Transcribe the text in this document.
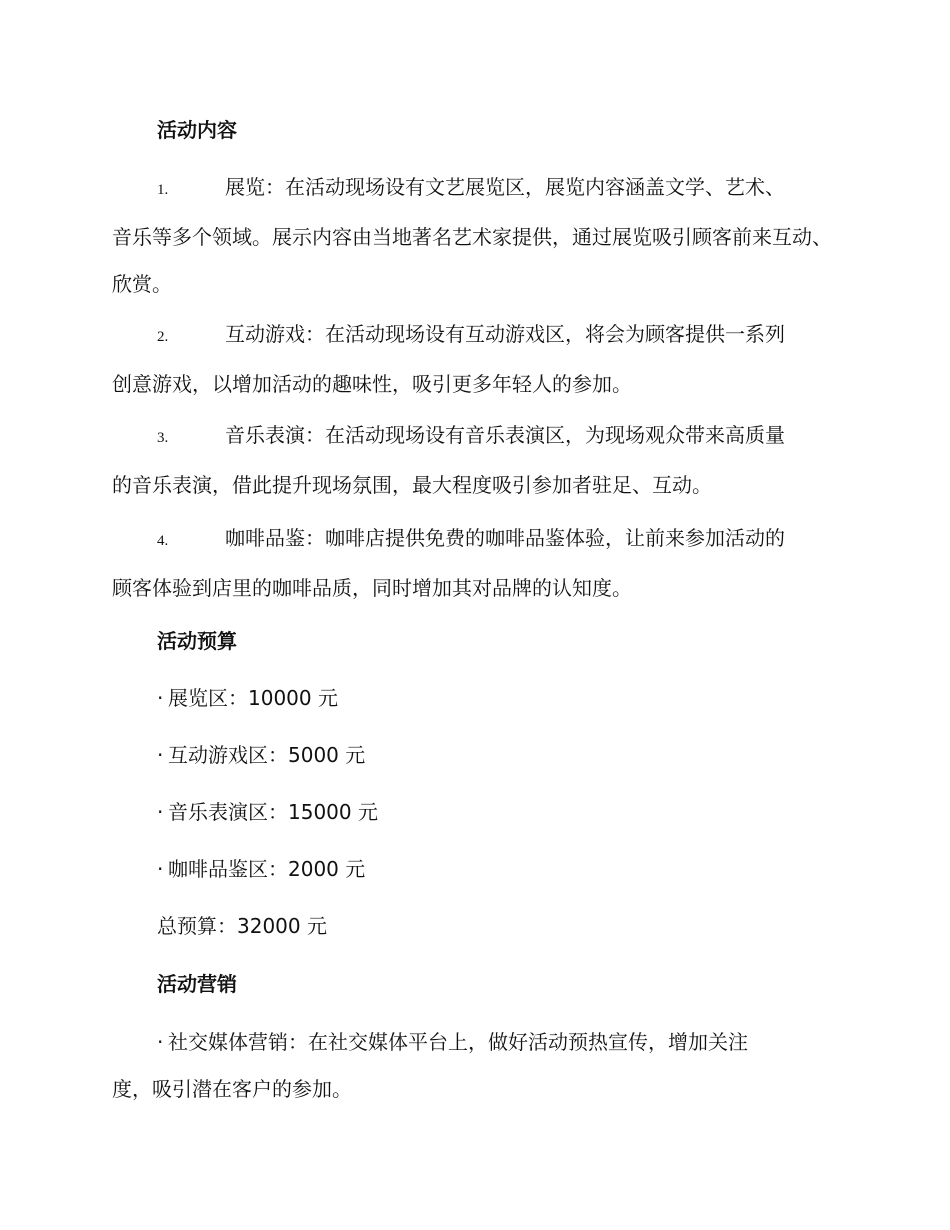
活动内容
1.	展览：在活动现场设有文艺展览区，展览内容涵盖文学、艺术、
音乐等多个领域。展示内容由当地著名艺术家提供，通过展览吸引顾客前来互动、欣赏。
2.	互动游戏：在活动现场设有互动游戏区，将会为顾客提供一系列
创意游戏，以增加活动的趣味性，吸引更多年轻人的参加。
3.	音乐表演：在活动现场设有音乐表演区，为现场观众带来高质量
的音乐表演，借此提升现场氛围，最大程度吸引参加者驻足、互动。
4.	咖啡品鉴：咖啡店提供免费的咖啡品鉴体验，让前来参加活动的
顾客体验到店里的咖啡品质，同时增加其对品牌的认知度。
活动预算
· 展览区：10000 元
· 互动游戏区：5000 元
· 音乐表演区：15000 元
· 咖啡品鉴区：2000 元
总预算：32000 元
活动营销
· 社交媒体营销：在社交媒体平台上，做好活动预热宣传，增加关注
度，吸引潜在客户的参加。
